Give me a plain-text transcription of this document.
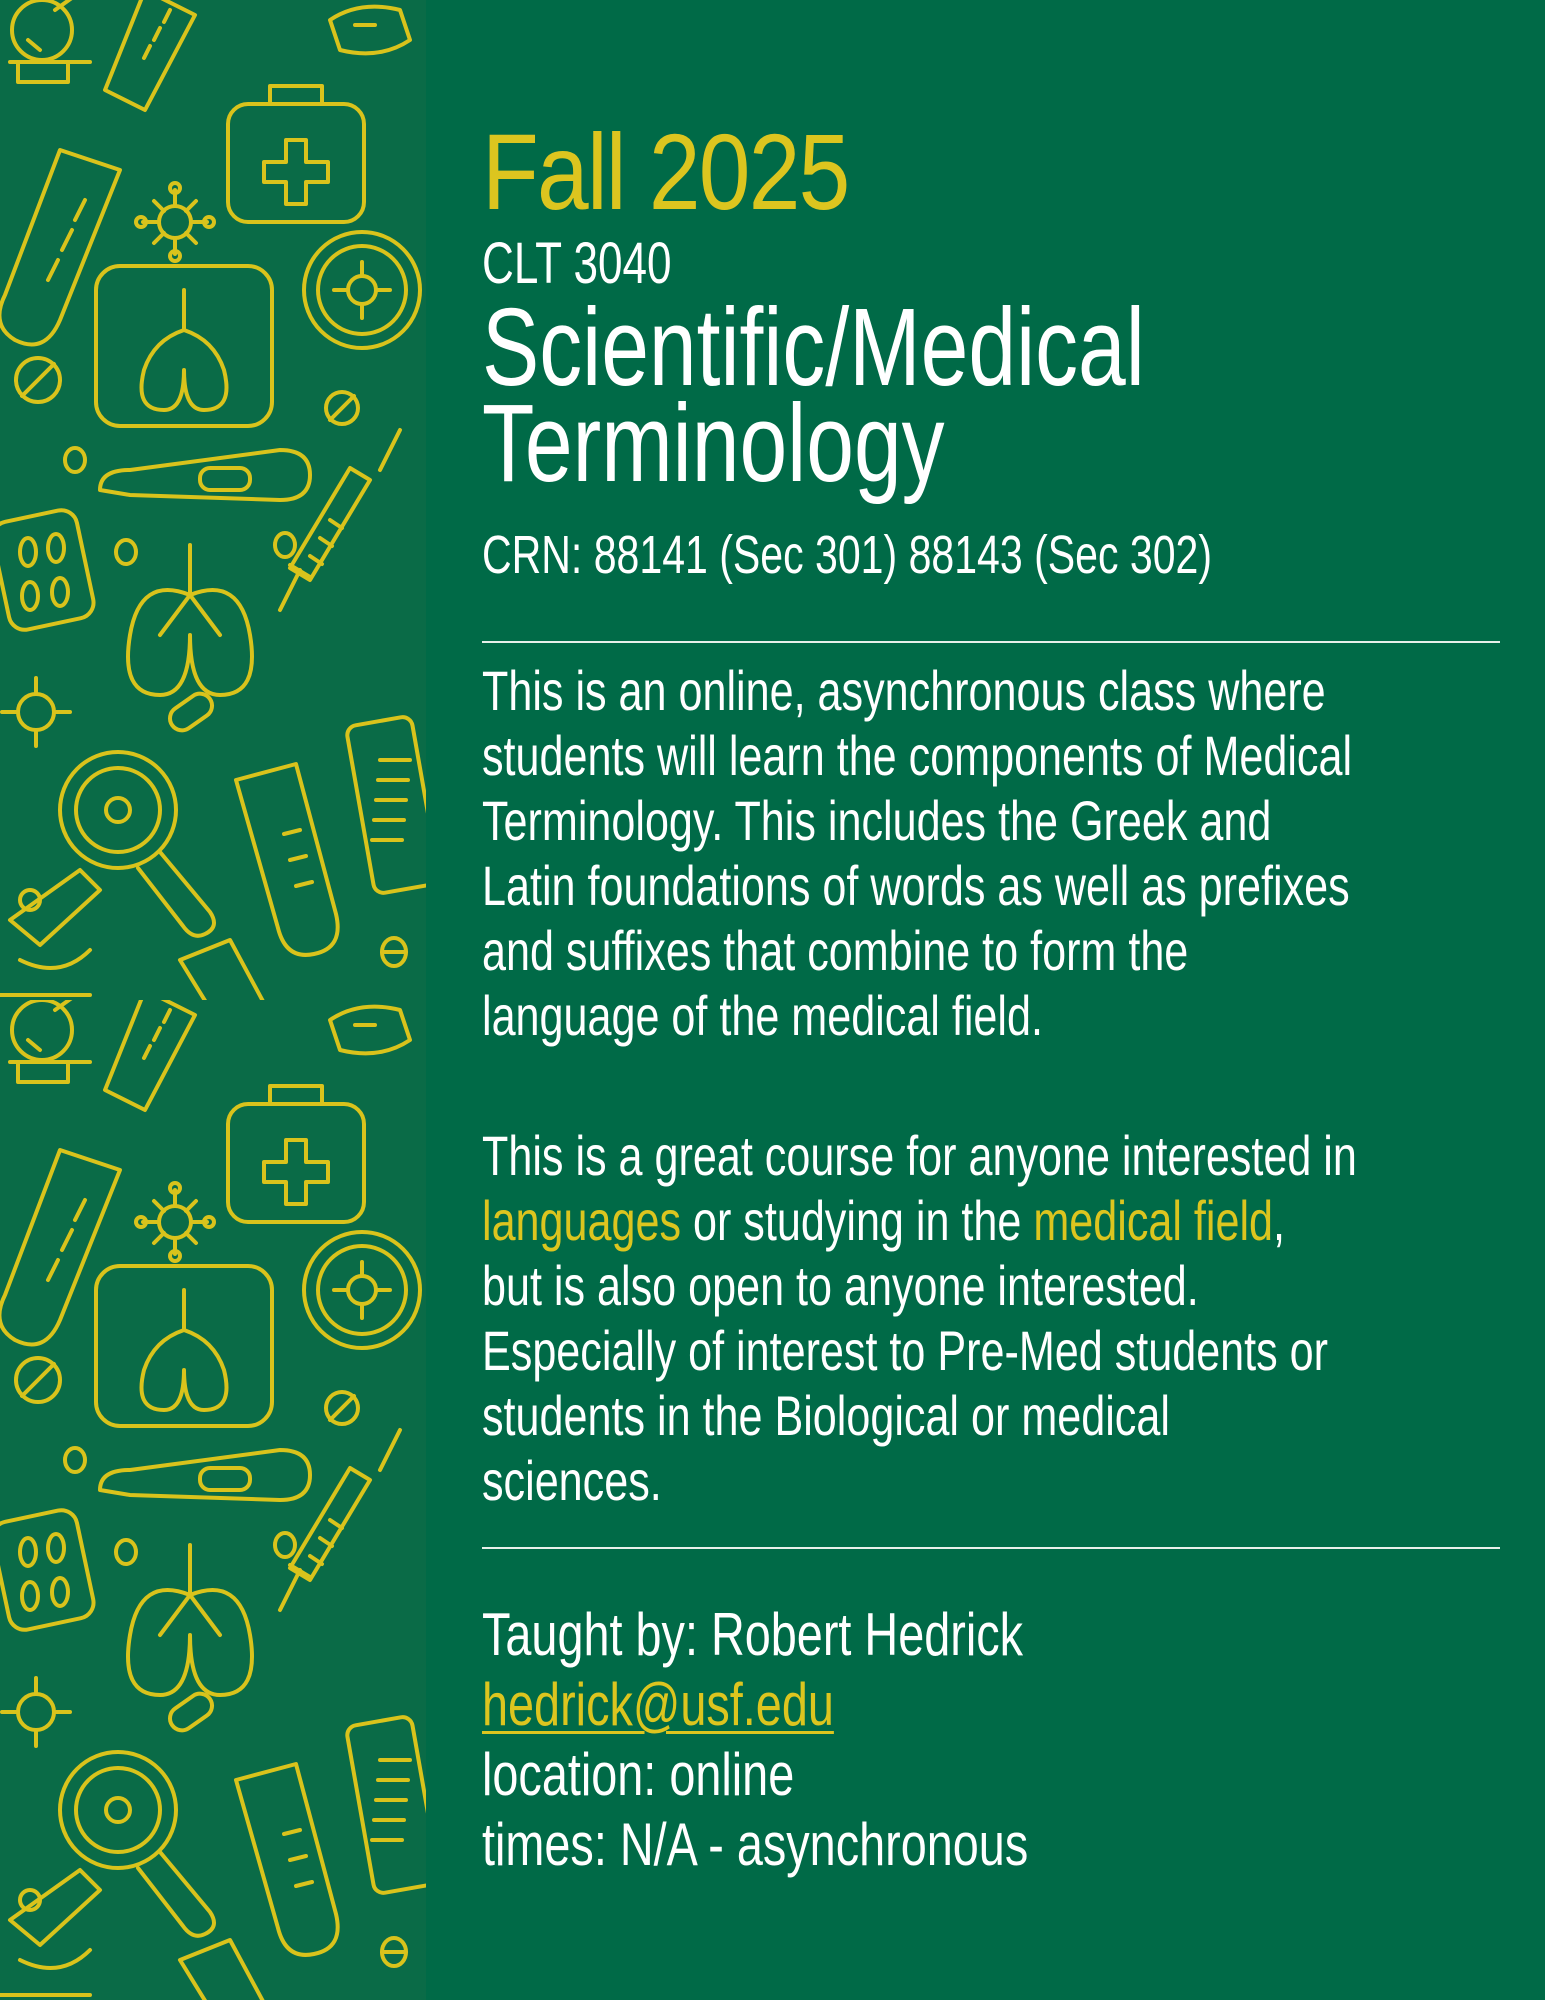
Fall 2025
CLT 3040
Scientific/Medical
Terminology
CRN: 88141 (Sec 301) 88143 (Sec 302)
This is an online, asynchronous class where
students will learn the components of Medical
Terminology. This includes the Greek and
Latin foundations of words as well as prefixes
and suffixes that combine to form the
language of the medical field.
This is a great course for anyone interested in
languages or studying in the medical field,
but is also open to anyone interested.
Especially of interest to Pre-Med students or
students in the Biological or medical
sciences.
Taught by: Robert Hedrick
hedrick@usf.edu
location: online
times: N/A - asynchronous
